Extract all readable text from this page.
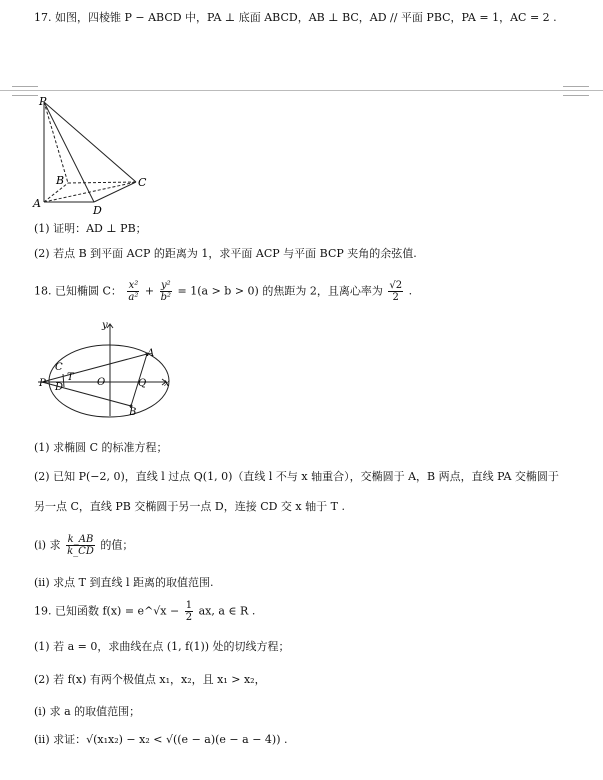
17. 如图，四棱锥 P − ABCD 中，PA ⊥ 底面 ABCD，AB ⊥ BC，AD // 平面 PBC，PA = 1，AC = 2 .
P
B	C
A
D
(1) 证明：AD ⊥ PB；
(2) 若点 B 到平面 ACP 的距离为 1，求平面 ACP 与平面 BCP 夹角的余弦值.
18. 已知椭圆 C： $\frac{\text{x²}}{\text{a²}} + \frac{\text{y²}}{\text{b²}} = 1(a > b > 0)$ 的焦距为 2，且离心率为 $\frac{√2}{2}$ .
y
A
C
T
P D	O	Q x
B
(1) 求椭圆 C 的标准方程；
(2) 已知 P(−2, 0)，直线 l 过点 Q(1, 0)（直线 l 不与 x 轴重合），交椭圆于 A，B 两点，直线 PA 交椭圆于
另一点 C，直线 PB 交椭圆于另一点 D，连接 CD 交 x 轴于 T .
(i) 求 $\frac{k\_AB}{k\_CD}$ 的值；
(ii) 求点 T 到直线 l 距离的取值范围.
19. 已知函数 f(x) = e^√x − $\frac{1}{2}$ ax, a ∈ R .
(1) 若 a = 0，求曲线在点 (1, f(1)) 处的切线方程；
(2) 若 f(x) 有两个极值点 x₁，x₂，且 x₁ > x₂，
(i) 求 a 的取值范围；
(ii) 求证：√(x₁x₂) − x₂ < √((e − a)(e − a − 4)) .
